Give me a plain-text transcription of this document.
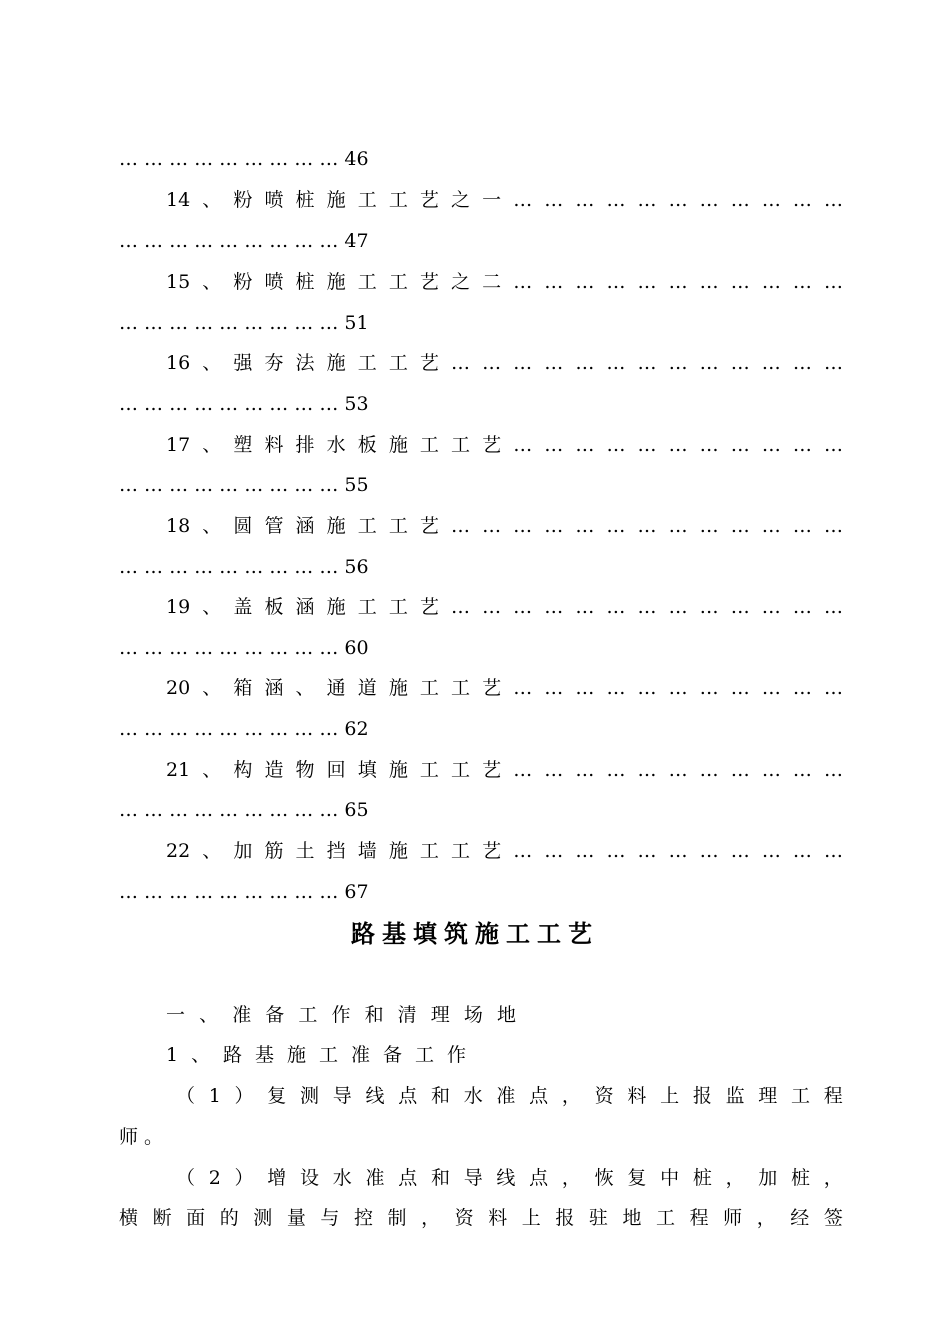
… … … … … … … … … 46
14 、 粉 喷 桩 施 工 工 艺 之 一 … … … … … … … … … … …
… … … … … … … … … 47
15 、 粉 喷 桩 施 工 工 艺 之 二 … … … … … … … … … … …
… … … … … … … … … 51
16 、 强 夯 法 施 工 工 艺 … … … … … … … … … … … … …
… … … … … … … … … 53
17 、 塑 料 排 水 板 施 工 工 艺 … … … … … … … … … … …
… … … … … … … … … 55
18 、 圆 管 涵 施 工 工 艺 … … … … … … … … … … … … …
… … … … … … … … … 56
19 、 盖 板 涵 施 工 工 艺 … … … … … … … … … … … … …
… … … … … … … … … 60
20 、 箱 涵 、 通 道 施 工 工 艺 … … … … … … … … … … …
… … … … … … … … … 62
21 、 构 造 物 回 填 施 工 工 艺 … … … … … … … … … … …
… … … … … … … … … 65
22 、 加 筋 土 挡 墙 施 工 工 艺 … … … … … … … … … … …
… … … … … … … … … 67
路基填筑施工工艺
一 、 准 备 工 作 和 清 理 场 地
1 、 路 基 施 工 准 备 工 作
（ 1 ） 复 测 导 线 点 和 水 准 点 ， 资 料 上 报 监 理 工 程
师 。
（ 2 ） 增 设 水 准 点 和 导 线 点 ， 恢 复 中 桩 ， 加 桩 ，
横 断 面 的 测 量 与 控 制 ， 资 料 上 报 驻 地 工 程 师 ， 经 签
